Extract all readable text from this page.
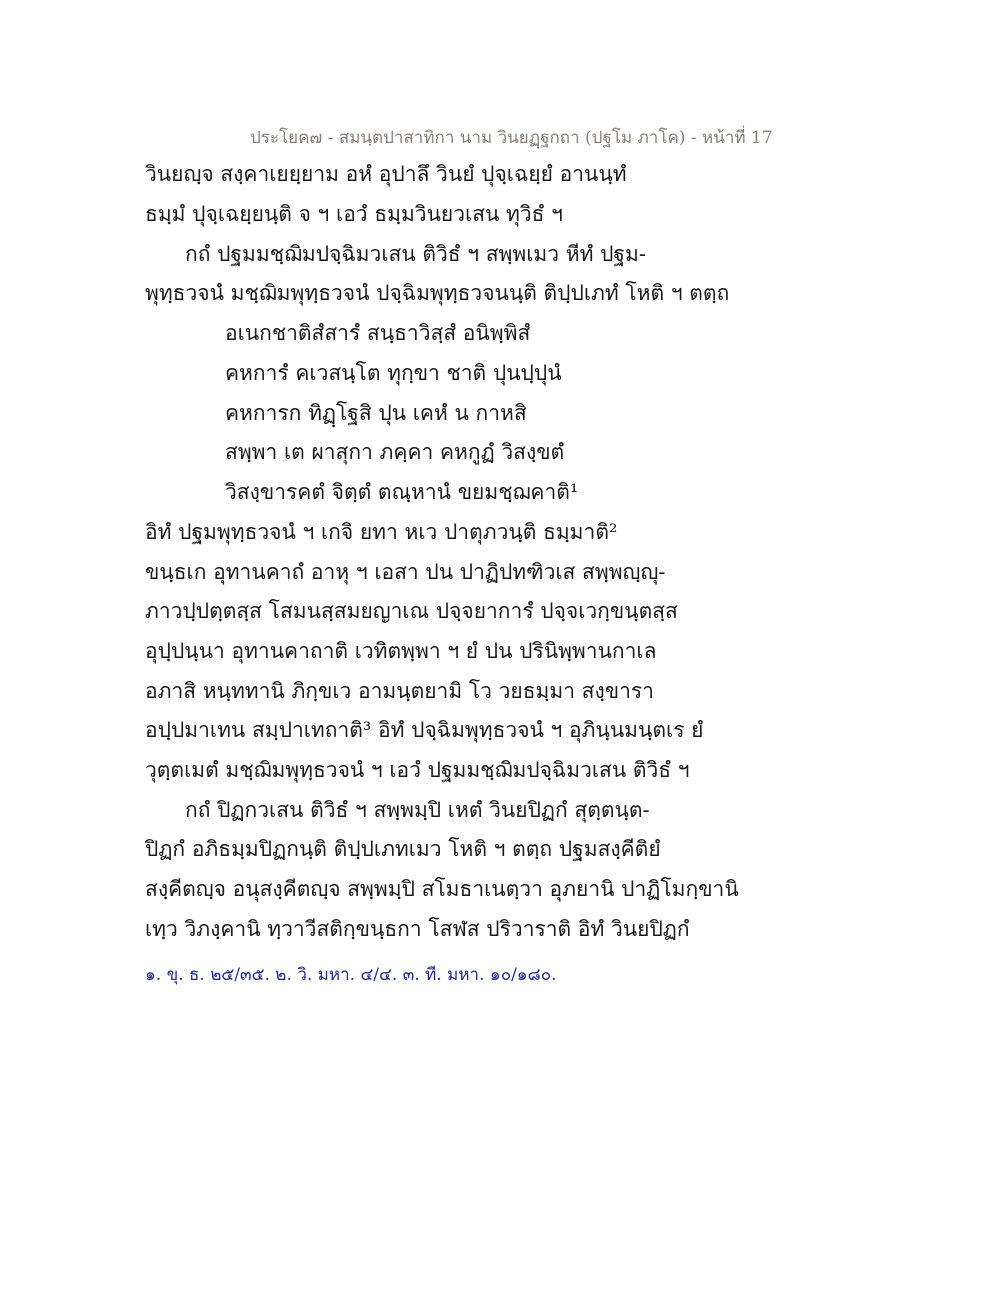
ประโยค๗ - สมนฺตปาสาทิกา นาม วินยฏฺฐกถา (ปฐโม ภาโค) - หน้าที่ 17
วินยญฺจ สงฺคาเยยฺยาม อหํ อุปาลึ วินยํ ปุจฺเฉยฺยํ อานนฺทํ
ธมฺมํ ปุจฺเฉยฺยนฺติ จ ฯ เอวํ ธมฺมวินยวเสน ทุวิธํ ฯ
กถํ ปฐมมชฺฌิมปจฺฉิมวเสน ติวิธํ ฯ สพฺพเมว หีทํ ปฐม-
พุทฺธวจนํ มชฺฌิมพุทฺธวจนํ ปจฺฉิมพุทฺธวจนนฺติ ติปฺปเภทํ โหติ ฯ ตตฺถ
อเนกชาติสํสารํ สนฺธาวิสฺสํ อนิพฺพิสํ
คหการํ คเวสนฺโต ทุกฺขา ชาติ ปุนปฺปุนํ
คหการก ทิฏฺโฐสิ ปุน เคหํ น กาหสิ
สพฺพา เต ผาสุกา ภคฺคา คหกูฏํ วิสงฺขตํ
วิสงฺขารคตํ จิตฺตํ ตณฺหานํ ขยมชฺฌคาติ¹
อิทํ ปฐมพุทฺธวจนํ ฯ เกจิ ยทา หเว ปาตุภวนฺติ ธมฺมาติ²
ขนฺธเก อุทานคาถํ อาหุ ฯ เอสา ปน ปาฏิปทฑิวเส สพฺพญฺญุ-
ภาวปฺปตฺตสฺส โสมนสฺสมยญาเณ ปจฺจยาการํ ปจฺจเวกฺขนฺตสฺส
อุปฺปนฺนา อุทานคาถาติ เวทิตพฺพา ฯ ยํ ปน ปรินิพฺพานกาเล
อภาสิ หนฺททานิ ภิกฺขเว อามนฺตยามิ โว วยธมฺมา สงฺขารา
อปฺปมาเทน สมฺปาเทถาติ³ อิทํ ปจฺฉิมพุทฺธวจนํ ฯ อุภินฺนมนฺตเร ยํ
วุตฺตเมตํ มชฺฌิมพุทฺธวจนํ ฯ เอวํ ปฐมมชฺฌิมปจฺฉิมวเสน ติวิธํ ฯ
กถํ ปิฏกวเสน ติวิธํ ฯ สพฺพมฺปิ เหตํ วินยปิฏกํ สุตฺตนฺต-
ปิฏกํ อภิธมฺมปิฏกนฺติ ติปฺปเภทเมว โหติ ฯ ตตฺถ ปฐมสงฺคีติยํ
สงฺคีตญฺจ อนุสงฺคีตญฺจ สพฺพมฺปิ สโมธาเนตฺวา อุภยานิ ปาฏิโมกฺขานิ
เทฺว วิภงฺคานิ ทฺวาวีสติกฺขนฺธกา โสฬส ปริวาราติ อิทํ วินยปิฏกํ
๑. ขุ. ธ. ๒๕/๓๕. ๒. วิ. มหา. ๔/๔. ๓. ที. มหา. ๑๐/๑๘๐.
